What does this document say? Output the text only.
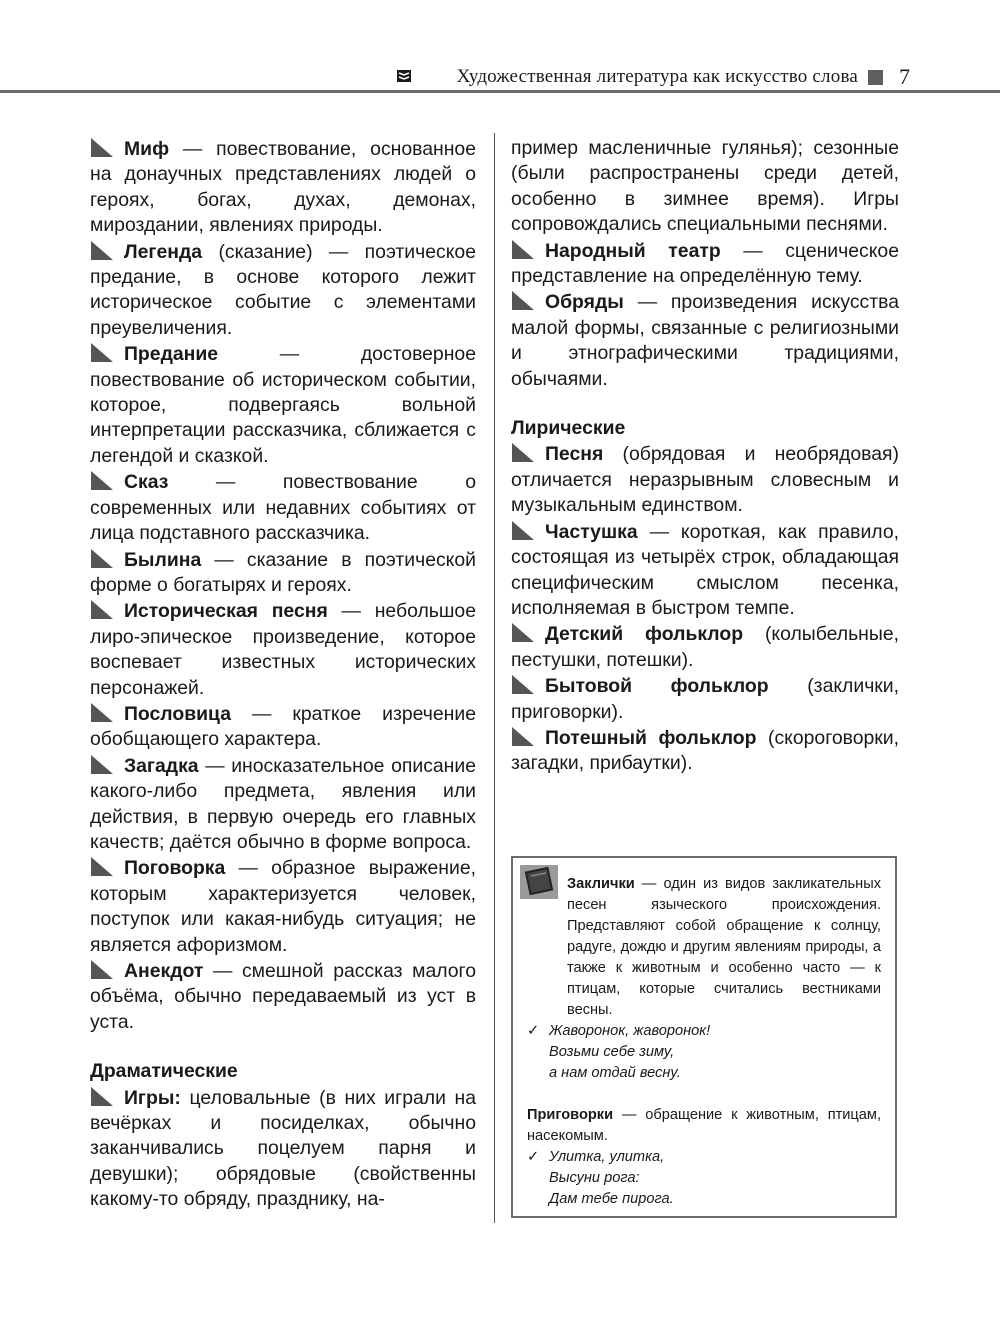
Художественная литература как искусство слова 7

Миф — повествование, основанное на донаучных представлениях людей о героях, богах, духах, демонах, мироздании, явлениях природы.

Легенда (сказание) — поэтическое предание, в основе которого лежит историческое событие с элементами преувеличения.

Предание — достоверное повествование об историческом событии, которое, подвергаясь вольной интерпретации рассказчика, сближается с легендой и сказкой.

Сказ — повествование о современных или недавних событиях от лица подставного рассказчика.

Былина — сказание в поэтической форме о богатырях и героях.

Историческая песня — небольшое лиро-эпическое произведение, которое воспевает известных исторических персонажей.

Пословица — краткое изречение обобщающего характера.

Загадка — иносказательное описание какого-либо предмета, явления или действия, в первую очередь его главных качеств; даётся обычно в форме вопроса.

Поговорка — образное выражение, которым характеризуется человек, поступок или какая-нибудь ситуация; не является афоризмом.

Анекдот — смешной рассказ малого объёма, обычно передаваемый из уст в уста.

Драматические

Игры: целовальные (в них играли на вечёрках и посиделках, обычно заканчивались поцелуем парня и девушки); обрядовые (свойственны какому-то обряду, празднику, на-

пример масленичные гулянья); сезонные (были распространены среди детей, особенно в зимнее время). Игры сопровождались специальными песнями.

Народный театр — сценическое представление на определённую тему.

Обряды — произведения искусства малой формы, связанные с религиозными и этнографическими традициями, обычаями.

Лирические

Песня (обрядовая и необрядовая) отличается неразрывным словесным и музыкальным единством.

Частушка — короткая, как правило, состоящая из четырёх строк, обладающая специфическим смыслом песенка, исполняемая в быстром темпе.

Детский фольклор (колыбельные, пестушки, потешки).

Бытовой фольклор (заклички, приговорки).

Потешный фольклор (скороговорки, загадки, прибаутки).

Заклички — один из видов закликательных песен языческого происхождения. Представляют собой обращение к солнцу, радуге, дождю и другим явлениям природы, а также к животным и особенно часто — к птицам, которые считались вестниками весны.

✓ Жаворонок, жаворонок!
Возьми себе зиму,
а нам отдай весну.

Приговорки — обращение к животным, птицам, насекомым.

✓ Улитка, улитка,
Высуни рога:
Дам тебе пирога.
